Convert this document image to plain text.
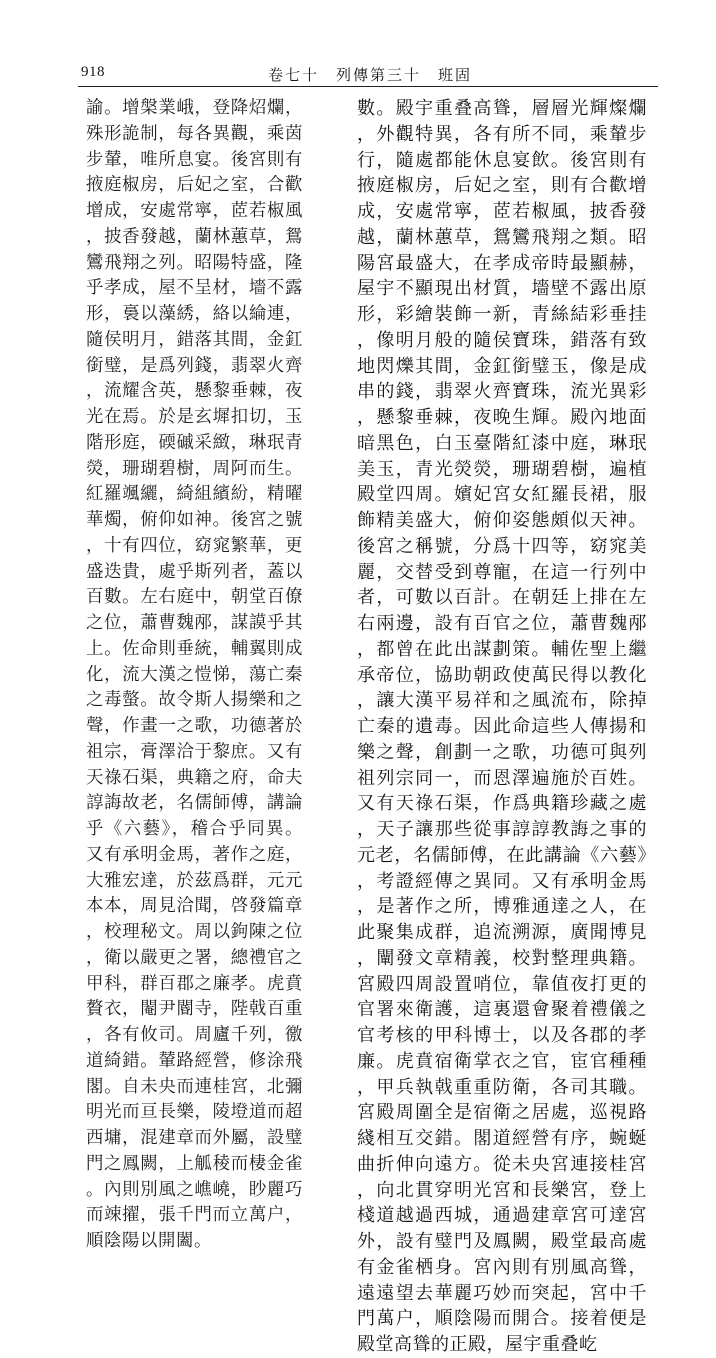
918	卷七十　列傳第三十　班固

諭。增槃業峨，登降炤爛，殊形詭制，每各異觀，乘茵步輦，唯所息宴。後宮則有掖庭椒房，后妃之室，合歡增成，安處常寧，茝若椒風，披香發越，蘭林蕙草，鴛鸞飛翔之列。昭陽特盛，隆乎孝成，屋不呈材，墻不露形，裛以藻綉，絡以綸連，隨侯明月，錯落其間，金釭銜璧，是爲列錢，翡翠火齊，流耀含英，懸黎垂棘，夜光在焉。於是玄墀扣切，玉階形庭，碝磩采緻，琳珉青熒，珊瑚碧樹，周阿而生。紅羅颯纚，綺組繽紛，精曜華燭，俯仰如神。後宮之號，十有四位，窈窕繁華，更盛迭貴，處乎斯列者，蓋以百數。左右庭中，朝堂百僚之位，蕭曹魏邴，謀謨乎其上。佐命則垂統，輔翼則成化，流大漢之愷悌，蕩亡秦之毒螫。故令斯人揚樂和之聲，作畫一之歌，功德著於祖宗，膏澤洽于黎庶。又有天祿石渠，典籍之府，命夫諄誨故老，名儒師傅，講論乎《六藝》，稽合乎同異。又有承明金馬，著作之庭，大雅宏達，於茲爲群，元元本本，周見洽聞，啓發篇章，校理秘文。周以鉤陳之位，衛以嚴更之署，總禮官之甲科，群百郡之廉孝。虎賁贅衣，閹尹閽寺，陛戟百重，各有攸司。周廬千列，徼道綺錯。輦路經營，修涂飛閣。自未央而連桂宮，北彌明光而亘長樂，陵墱道而超西墉，混建章而外屬，設璧門之鳳闕，上觚稜而棲金雀。內則別風之嶕嶢，眇麗巧而竦擢，張千門而立萬户，順陰陽以開闔。

數。殿宇重叠高聳，層層光輝燦爛，外觀特異，各有所不同，乘輦步行，隨處都能休息宴飲。後宮則有掖庭椒房，后妃之室，則有合歡增成，安處常寧，茝若椒風，披香發越，蘭林蕙草，鴛鸞飛翔之類。昭陽宮最盛大，在孝成帝時最顯赫，屋宇不顯現出材質，墻壁不露出原形，彩繪裝飾一新，青絲結彩垂挂，像明月般的隨侯寶珠，錯落有致地閃爍其間，金釭銜璧玉，像是成串的錢，翡翠火齊寶珠，流光異彩，懸黎垂棘，夜晚生輝。殿內地面暗黑色，白玉臺階紅漆中庭，琳珉美玉，青光熒熒，珊瑚碧樹，遍植殿堂四周。嬪妃宮女紅羅長裙，服飾精美盛大，俯仰姿態頗似天神。後宮之稱號，分爲十四等，窈窕美麗，交替受到尊寵，在這一行列中者，可數以百計。在朝廷上排在左右兩邊，設有百官之位，蕭曹魏邴，都曾在此出謀劃策。輔佐聖上繼承帝位，協助朝政使萬民得以教化，讓大漢平易祥和之風流布，除掉亡秦的遺毒。因此命這些人傳揚和樂之聲，創劃一之歌，功德可與列祖列宗同一，而恩澤遍施於百姓。又有天祿石渠，作爲典籍珍藏之處，天子讓那些從事諄諄教誨之事的元老，名儒師傅，在此講論《六藝》，考證經傳之異同。又有承明金馬，是著作之所，博雅通達之人，在此聚集成群，追流溯源，廣聞博見，闡發文章精義，校對整理典籍。宮殿四周設置哨位，靠值夜打更的官署來衛護，這裏還會聚着禮儀之官考核的甲科博士，以及各郡的孝廉。虎賁宿衛掌衣之官，宦官種種，甲兵執戟重重防衛，各司其職。宮殿周圍全是宿衛之居處，巡視路綫相互交錯。閣道經營有序，蜿蜒曲折伸向遠方。從未央宮連接桂宮，向北貫穿明光宮和長樂宮，登上棧道越過西城，通過建章宮可達宮外，設有璧門及鳳闕，殿堂最高處有金雀栖身。宮內則有別風高聳，遠遠望去華麗巧妙而突起，宮中千門萬户，順陰陽而開合。接着便是殿堂高聳的正殿，屋宇重叠屹
